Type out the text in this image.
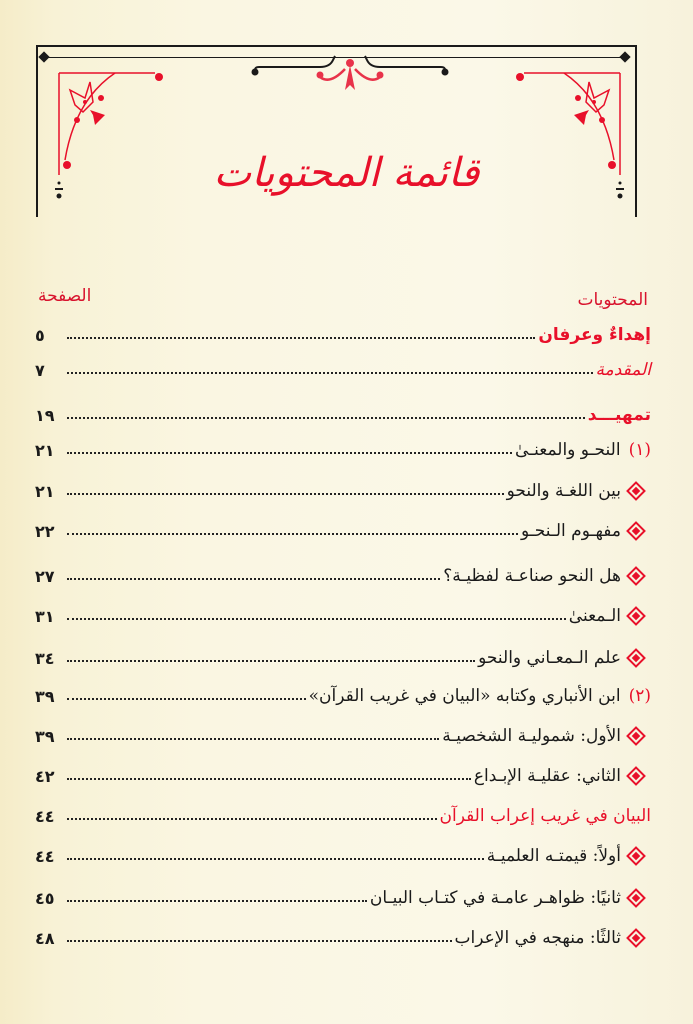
قائمة المحتويات
المحتويات
الصفحة
إهداءٌ وعرفان
٥
المقدمة
٧
تمهيـــد
١٩
(١)
النحـو والمعنـىٰ
٢١
بين اللغـة والنحو
٢١
مفهـوم الـنحـو
٢٢
هل النحو صناعـة لفظيـة؟
٢٧
الـمعنىٰ
٣١
علم الـمعـاني والنحو
٣٤
(٢)
ابن الأنباري وكتابه «البيان في غريب القرآن»
٣٩
الأول: شموليـة الشخصيـة
٣٩
الثاني: عقليـة الإبـداع
٤٢
البيان في غريب إعراب القرآن
٤٤
أولاً: قيمتـه العلميـة
٤٤
ثانيًا: ظواهـر عامـة في كتـاب البيـان
٤٥
ثالثًا: منهجه في الإعراب
٤٨
